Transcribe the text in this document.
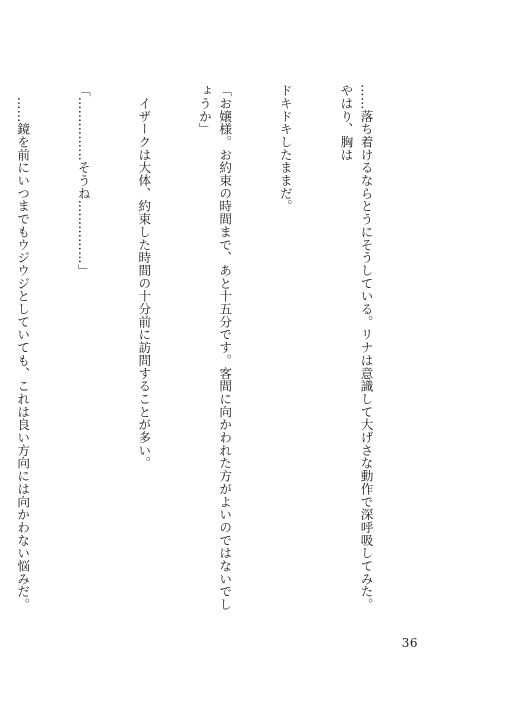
……落ち着けるならとうにそうしている。リナは意識して大げさな動作で深呼吸してみた。やはり、胸は

ドキドキしたままだ。

「お嬢様。お約束の時間まで、あと十五分です。客間に向かわれた方がよいのではないでしょうか」

　イザークは大体、約束した時間の十分前に訪問することが多い。

「……………そうね……………」

　……鏡を前にいつまでもウジウジとしていても、これは良い方向には向かわない悩みだ。

36
